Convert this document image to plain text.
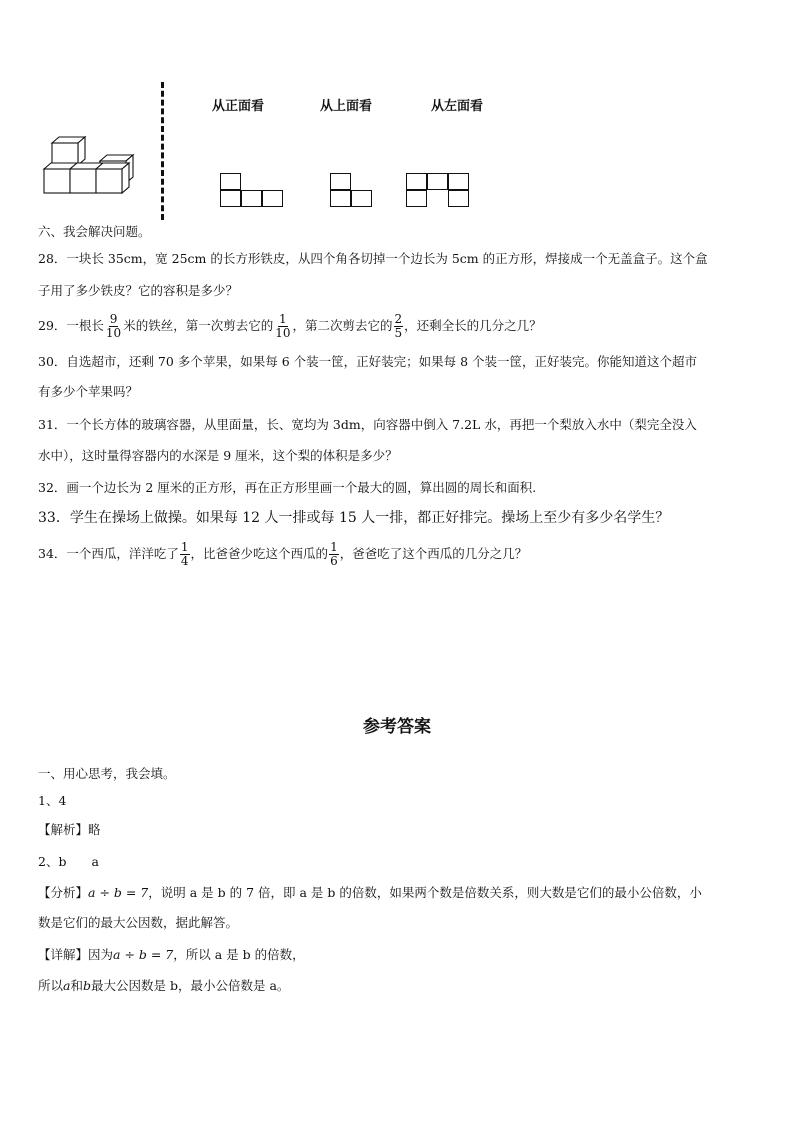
从正面看	从上面看	从左面看
六、我会解决问题。
28．一块长 35cm，宽 25cm 的长方形铁皮，从四个角各切掉一个边长为 5cm 的正方形，焊接成一个无盖盒子。这个盒
子用了多少铁皮？它的容积是多少？
29．一根长 $\frac{9}{10}$ 米的铁丝，第一次剪去它的 $\frac{1}{10}$ ，第二次剪去它的 $\frac{2}{5}$ ，还剩全长的几分之几？
30．自选超市，还剩 70 多个苹果，如果每 6 个装一筐，正好装完；如果每 8 个装一筐，正好装完。你能知道这个超市
有多少个苹果吗？
31．一个长方体的玻璃容器，从里面量，长、宽均为 3dm，向容器中倒入 7.2L 水，再把一个梨放入水中（梨完全没入
水中），这时量得容器内的水深是 9 厘米，这个梨的体积是多少？
32．画一个边长为 2 厘米的正方形，再在正方形里画一个最大的圆，算出圆的周长和面积.
33．学生在操场上做操。如果每 12 人一排或每 15 人一排，都正好排完。操场上至少有多少名学生？
34．一个西瓜，洋洋吃了 $\frac{1}{4}$ ，比爸爸少吃这个西瓜的 $\frac{1}{6}$ ，爸爸吃了这个西瓜的几分之几？
参考答案
一、用心思考，我会填。
1、4
【解析】略
2、b　　a
【分析】a ÷ b = 7，说明 a 是 b 的 7 倍，即 a 是 b 的倍数，如果两个数是倍数关系，则大数是它们的最小公倍数，小
数是它们的最大公因数，据此解答。
【详解】因为a ÷ b = 7，所以 a 是 b 的倍数，
所以a和b最大公因数是 b，最小公倍数是 a。
